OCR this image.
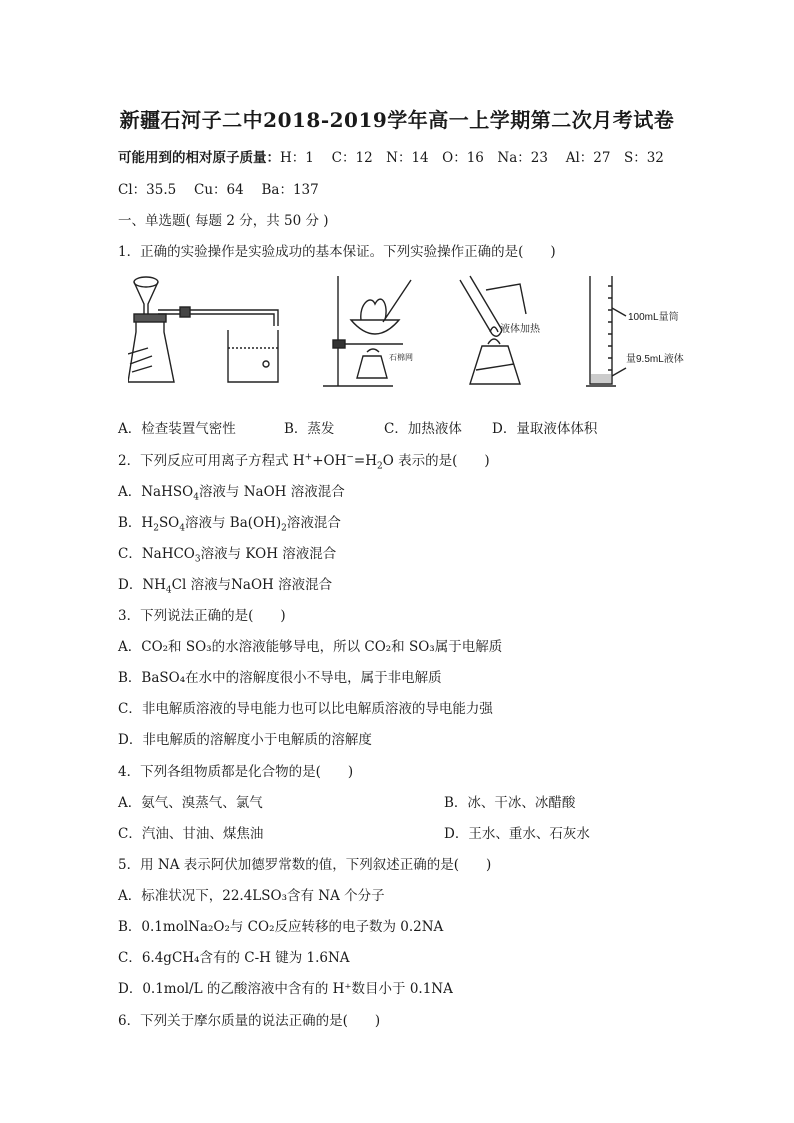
新疆石河子二中2018-2019学年高一上学期第二次月考试卷
可能用到的相对原子质量：H：1　 C：12　N：14　O：16　Na：23　 Al：27　S：32
Cl：35.5　 Cu：64　 Ba：137
一、单选题( 每题 2 分，共 50 分 )
1．正确的实验操作是实验成功的基本保证。下列实验操作正确的是(　　)
石棉网
液体加热
100mL量筒
量9.5mL液体
A．检查装置气密性	B．蒸发	C．加热液体 D．量取液体体积
2．下列反应可用离子方程式 $H^++OH^-=H_2O$ 表示的是(　　)
A．NaHSO$_4$溶液与 NaOH 溶液混合
B．$H_2SO_4$溶液与 $Ba(OH)_2$溶液混合
C．NaHCO$_3$溶液与 KOH 溶液混合
D．$NH_4Cl$ 溶液与NaOH 溶液混合
3．下列说法正确的是(　　)
A．CO₂和 SO₃的水溶液能够导电，所以 CO₂和 SO₃属于电解质
B．BaSO₄在水中的溶解度很小不导电，属于非电解质
C．非电解质溶液的导电能力也可以比电解质溶液的导电能力强
D．非电解质的溶解度小于电解质的溶解度
4．下列各组物质都是化合物的是(　　)
A．氨气、溴蒸气、氯气	B．冰、干冰、冰醋酸
C．汽油、甘油、煤焦油	D．王水、重水、石灰水
5．用 NA 表示阿伏加德罗常数的值，下列叙述正确的是(　　)
A．标准状况下，22.4LSO₃含有 NA 个分子
B．0.1molNa₂O₂与 CO₂反应转移的电子数为 0.2NA
C．6.4gCH₄含有的 C-H 键为 1.6NA
D．0.1mol/L 的乙酸溶液中含有的 H⁺数目小于 0.1NA
6．下列关于摩尔质量的说法正确的是(　　)
